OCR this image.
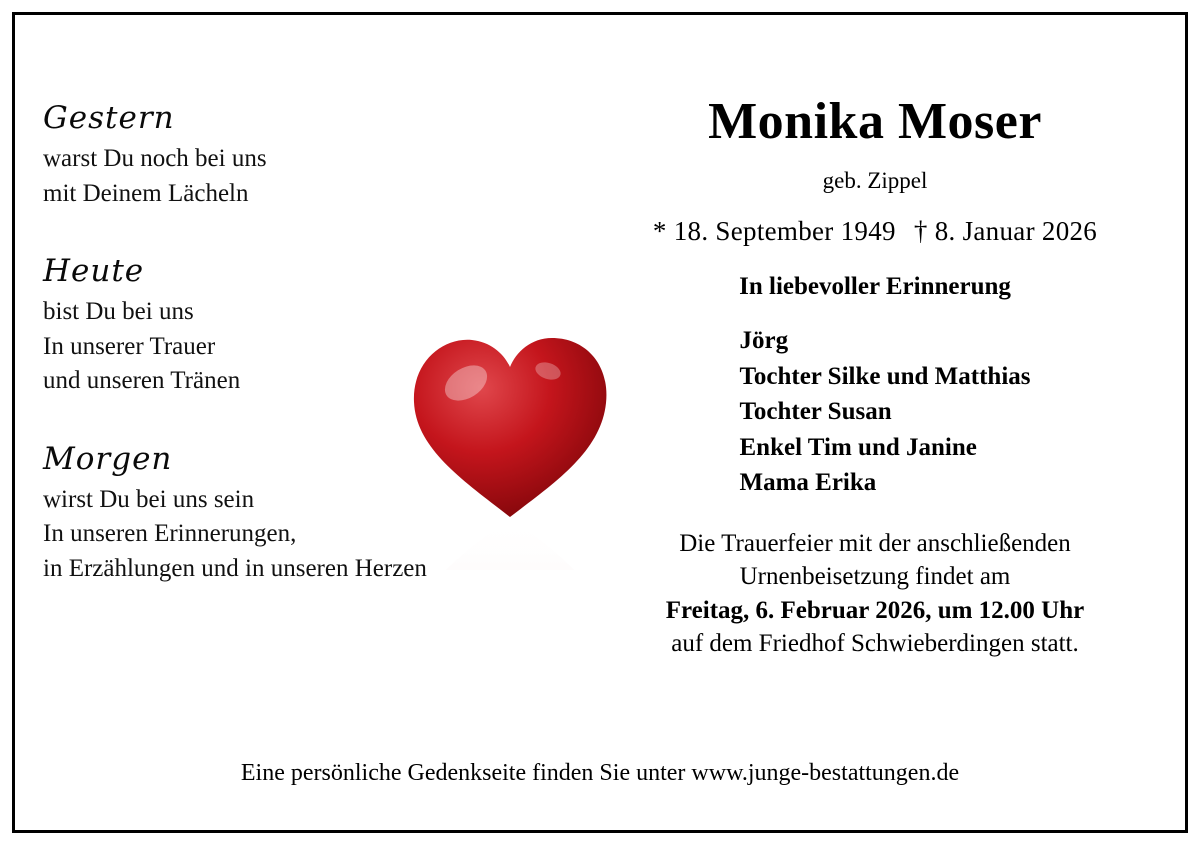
Gestern
warst Du noch bei uns
mit Deinem Lächeln
Heute
bist Du bei uns
In unserer Trauer
und unseren Tränen
Morgen
wirst Du bei uns sein
In unseren Erinnerungen,
in Erzählungen und in unseren Herzen
Monika Moser
geb. Zippel
* 18. September 1949 † 8. Januar 2026
In liebevoller Erinnerung
Jörg
Tochter Silke und Matthias
Tochter Susan
Enkel Tim und Janine
Mama Erika
Die Trauerfeier mit der anschließenden
Urnenbeisetzung findet am
Freitag, 6. Februar 2026, um 12.00 Uhr
auf dem Friedhof Schwieberdingen statt.
Eine persönliche Gedenkseite finden Sie unter www.junge-bestattungen.de
